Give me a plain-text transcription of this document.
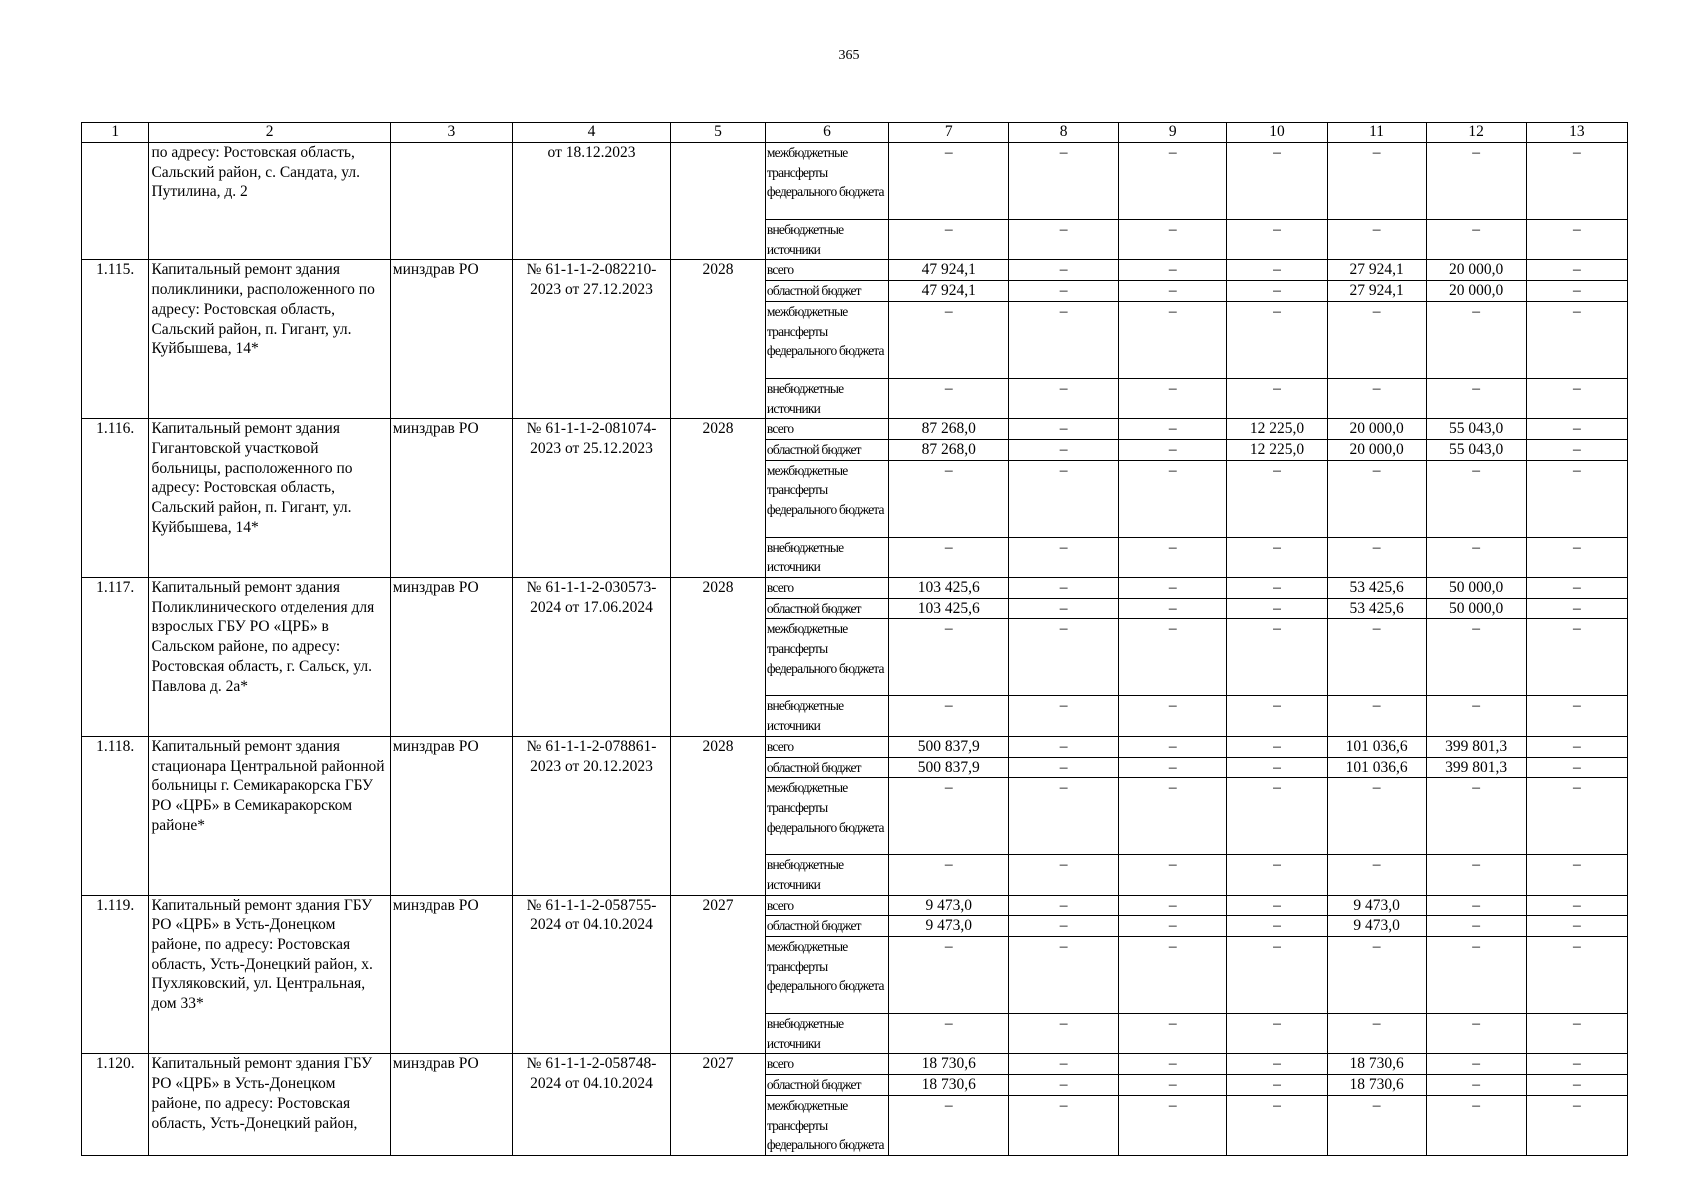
365
1	2	3	4	5	6	7	8	9	10	11	12	13
	по адресу: Ростовская область, Сальский район, с. Сандата, ул. Путилина, д. 2		от 18.12.2023		межбюджетные трансферты федерального бюджета	–	–	–	–	–	–	–
					внебюджетные источники	–	–	–	–	–	–	–
1.115.	Капитальный ремонт здания поликлиники, расположенного по адресу: Ростовская область, Сальский район, п. Гигант, ул. Куйбышева, 14*	минздрав РО	№ 61-1-1-2-082210-2023 от 27.12.2023	2028	всего	47 924,1	–	–	–	27 924,1	20 000,0	–
					областной бюджет	47 924,1	–	–	–	27 924,1	20 000,0	–
					межбюджетные трансферты федерального бюджета	–	–	–	–	–	–	–
					внебюджетные источники	–	–	–	–	–	–	–
1.116.	Капитальный ремонт здания Гигантовской участковой больницы, расположенного по адресу: Ростовская область, Сальский район, п. Гигант, ул. Куйбышева, 14*	минздрав РО	№ 61-1-1-2-081074-2023 от 25.12.2023	2028	всего	87 268,0	–	–	12 225,0	20 000,0	55 043,0	–
					областной бюджет	87 268,0	–	–	12 225,0	20 000,0	55 043,0	–
					межбюджетные трансферты федерального бюджета	–	–	–	–	–	–	–
					внебюджетные источники	–	–	–	–	–	–	–
1.117.	Капитальный ремонт здания Поликлинического отделения для взрослых ГБУ РО «ЦРБ» в Сальском районе, по адресу: Ростовская область, г. Сальск, ул. Павлова д. 2а*	минздрав РО	№ 61-1-1-2-030573-2024 от 17.06.2024	2028	всего	103 425,6	–	–	–	53 425,6	50 000,0	–
					областной бюджет	103 425,6	–	–	–	53 425,6	50 000,0	–
					межбюджетные трансферты федерального бюджета	–	–	–	–	–	–	–
					внебюджетные источники	–	–	–	–	–	–	–
1.118.	Капитальный ремонт здания стационара Центральной районной больницы г. Семикаракорска ГБУ РО «ЦРБ» в Семикаракорском районе*	минздрав РО	№ 61-1-1-2-078861-2023 от 20.12.2023	2028	всего	500 837,9	–	–	–	101 036,6	399 801,3	–
					областной бюджет	500 837,9	–	–	–	101 036,6	399 801,3	–
					межбюджетные трансферты федерального бюджета	–	–	–	–	–	–	–
					внебюджетные источники	–	–	–	–	–	–	–
1.119.	Капитальный ремонт здания ГБУ РО «ЦРБ» в Усть-Донецком районе, по адресу: Ростовская область, Усть-Донецкий район, х. Пухляковский, ул. Центральная, дом 33*	минздрав РО	№ 61-1-1-2-058755-2024 от 04.10.2024	2027	всего	9 473,0	–	–	–	9 473,0	–	–
					областной бюджет	9 473,0	–	–	–	9 473,0	–	–
					межбюджетные трансферты федерального бюджета	–	–	–	–	–	–	–
					внебюджетные источники	–	–	–	–	–	–	–
1.120.	Капитальный ремонт здания ГБУ РО «ЦРБ» в Усть-Донецком районе, по адресу: Ростовская область, Усть-Донецкий район,	минздрав РО	№ 61-1-1-2-058748-2024 от 04.10.2024	2027	всего	18 730,6	–	–	–	18 730,6	–	–
					областной бюджет	18 730,6	–	–	–	18 730,6	–	–
					межбюджетные трансферты федерального бюджета	–	–	–	–	–	–	–
